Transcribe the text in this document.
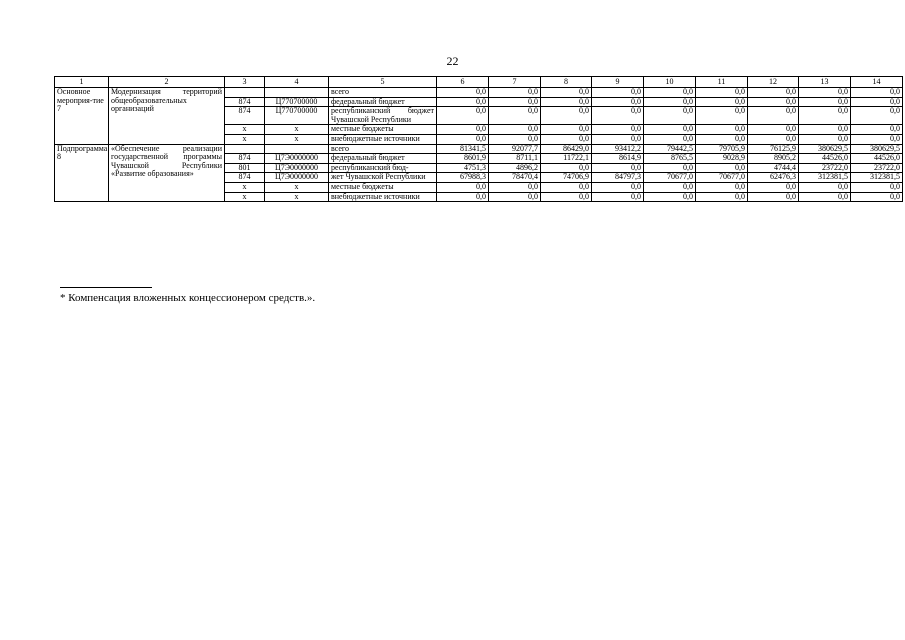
22
1	2	3	4	5	6	7	8	9	10	11	12	13	14
Основное мероприя-тие 7	Модернизация территорий общеобразовательных организаций			всего	0,0	0,0	0,0	0,0	0,0	0,0	0,0	0,0	0,0
		874	Ц770700000	федеральный бюджет	0,0	0,0	0,0	0,0	0,0	0,0	0,0	0,0	0,0
		874	Ц770700000	республиканский бюджет Чувашской Республики	0,0	0,0	0,0	0,0	0,0	0,0	0,0	0,0	0,0
		х	х	местные бюджеты	0,0	0,0	0,0	0,0	0,0	0,0	0,0	0,0	0,0
		х	х	внебюджетные источники	0,0	0,0	0,0	0,0	0,0	0,0	0,0	0,0	0,0
Подпрограмма 8	«Обеспечение реализации государственной программы Чувашской Республики «Развитие образования»			всего	81341,5	92077,7	86429,0	93412,2	79442,5	79705,9	76125,9	380629,5	380629,5
		874	Ц7Э0000000	федеральный бюджет	8601,9	8711,1	11722,1	8614,9	8765,5	9028,9	8905,2	44526,0	44526,0
		801	Ц7Э0000000	республиканский бюд-	4751,3	4896,2	0,0	0,0	0,0	0,0	4744,4	23722,0	23722,0
		874	Ц7Э0000000	жет Чувашской Республики	67988,3	78470,4	74706,9	84797,3	70677,0	70677,0	62476,3	312381,5	312381,5
		х	х	местные бюджеты	0,0	0,0	0,0	0,0	0,0	0,0	0,0	0,0	0,0
		х	х	внебюджетные источники	0,0	0,0	0,0	0,0	0,0	0,0	0,0	0,0	0,0
* Компенсация вложенных концессионером средств.».
